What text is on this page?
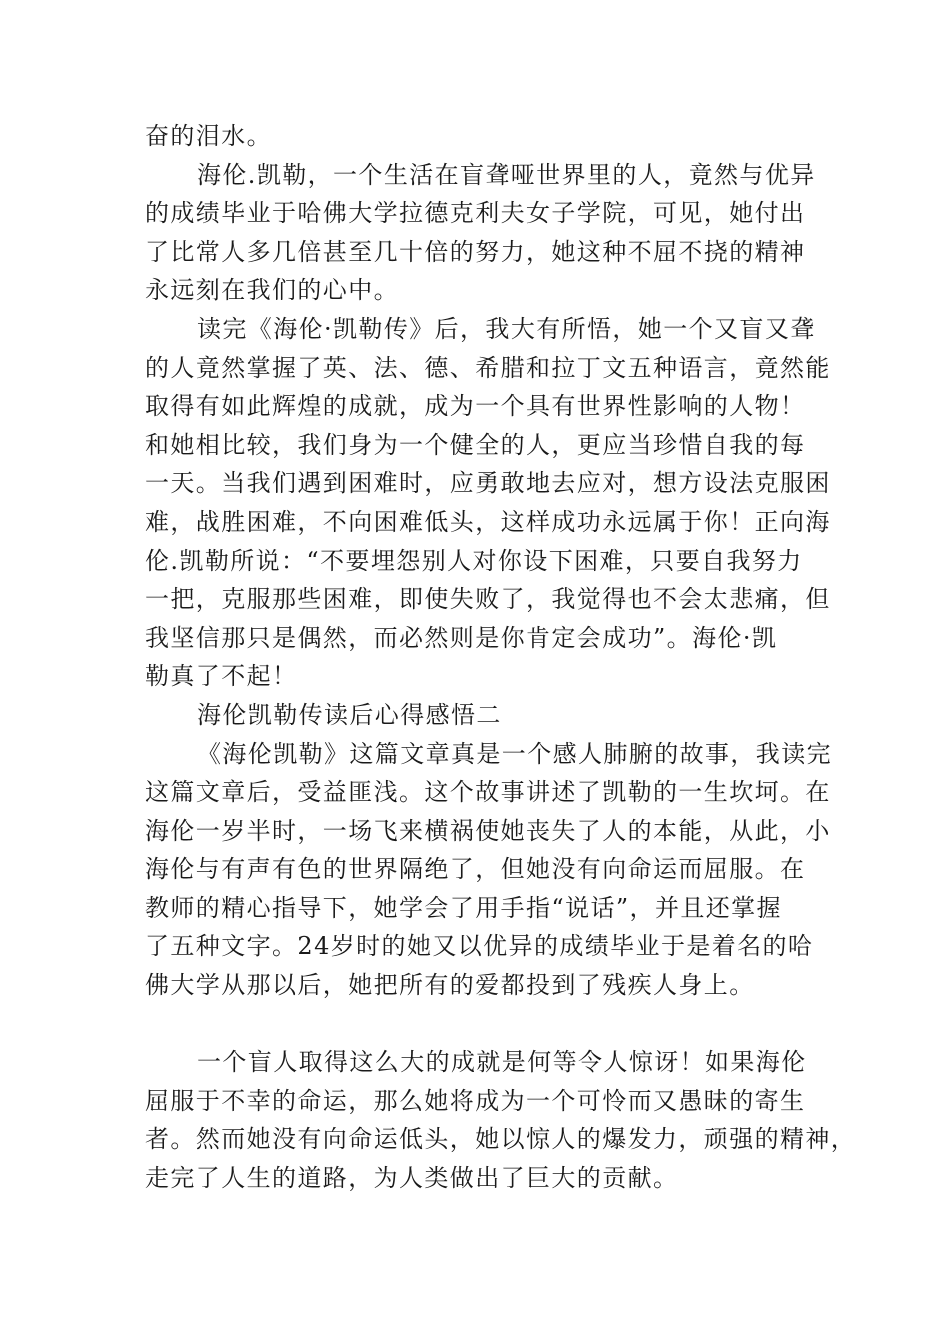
奋的泪水。
海伦.凯勒，一个生活在盲聋哑世界里的人，竟然与优异
的成绩毕业于哈佛大学拉德克利夫女子学院，可见，她付出
了比常人多几倍甚至几十倍的努力，她这种不屈不挠的精神
永远刻在我们的心中。
读完《海伦·凯勒传》后，我大有所悟，她一个又盲又聋
的人竟然掌握了英、法、德、希腊和拉丁文五种语言，竟然能
取得有如此辉煌的成就，成为一个具有世界性影响的人物！
和她相比较，我们身为一个健全的人，更应当珍惜自我的每
一天。当我们遇到困难时，应勇敢地去应对，想方设法克服困
难，战胜困难，不向困难低头，这样成功永远属于你！正向海
伦.凯勒所说：“不要埋怨别人对你设下困难，只要自我努力
一把，克服那些困难，即使失败了，我觉得也不会太悲痛，但
我坚信那只是偶然，而必然则是你肯定会成功”。海伦·凯
勒真了不起！
海伦凯勒传读后心得感悟二
《海伦凯勒》这篇文章真是一个感人肺腑的故事，我读完
这篇文章后，受益匪浅。这个故事讲述了凯勒的一生坎坷。在
海伦一岁半时，一场飞来横祸使她丧失了人的本能，从此，小
海伦与有声有色的世界隔绝了，但她没有向命运而屈服。在
教师的精心指导下，她学会了用手指“说话”，并且还掌握
了五种文字。24岁时的她又以优异的成绩毕业于是着名的哈
佛大学从那以后，她把所有的爱都投到了残疾人身上。
一个盲人取得这么大的成就是何等令人惊讶！如果海伦
屈服于不幸的命运，那么她将成为一个可怜而又愚昧的寄生
者。然而她没有向命运低头，她以惊人的爆发力，顽强的精神，
走完了人生的道路，为人类做出了巨大的贡献。
